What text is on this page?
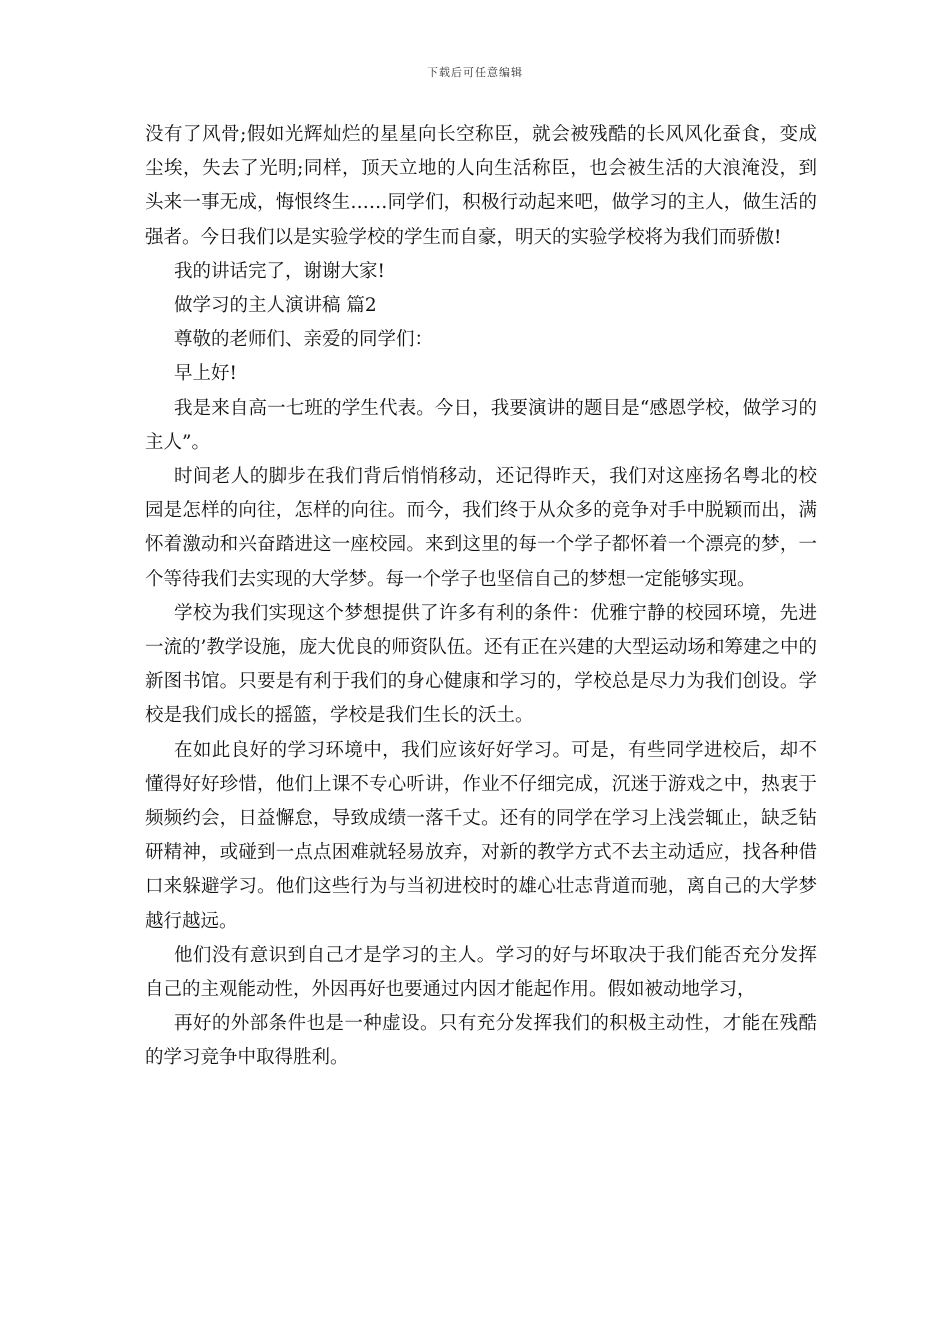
下载后可任意编辑

没有了风骨;假如光辉灿烂的星星向长空称臣，就会被残酷的长风风化蚕食，变成尘埃，失去了光明;同样，顶天立地的人向生活称臣，也会被生活的大浪淹没，到头来一事无成，悔恨终生……同学们，积极行动起来吧，做学习的主人，做生活的强者。今日我们以是实验学校的学生而自豪，明天的实验学校将为我们而骄傲!

我的讲话完了，谢谢大家!

做学习的主人演讲稿 篇2

尊敬的老师们、亲爱的同学们：

早上好!

我是来自高一七班的学生代表。今日，我要演讲的题目是“感恩学校，做学习的主人”。

时间老人的脚步在我们背后悄悄移动，还记得昨天，我们对这座扬名粤北的校园是怎样的向往，怎样的向往。而今，我们终于从众多的竞争对手中脱颖而出，满怀着激动和兴奋踏进这一座校园。来到这里的每一个学子都怀着一个漂亮的梦，一个等待我们去实现的大学梦。每一个学子也坚信自己的梦想一定能够实现。

学校为我们实现这个梦想提供了许多有利的条件：优雅宁静的校园环境，先进一流的’教学设施，庞大优良的师资队伍。还有正在兴建的大型运动场和筹建之中的新图书馆。只要是有利于我们的身心健康和学习的，学校总是尽力为我们创设。学校是我们成长的摇篮，学校是我们生长的沃土。

在如此良好的学习环境中，我们应该好好学习。可是，有些同学进校后，却不懂得好好珍惜，他们上课不专心听讲，作业不仔细完成，沉迷于游戏之中，热衷于频频约会，日益懈怠，导致成绩一落千丈。还有的同学在学习上浅尝辄止，缺乏钻研精神，或碰到一点点困难就轻易放弃，对新的教学方式不去主动适应，找各种借口来躲避学习。他们这些行为与当初进校时的雄心壮志背道而驰，离自己的大学梦越行越远。

他们没有意识到自己才是学习的主人。学习的好与坏取决于我们能否充分发挥自己的主观能动性，外因再好也要通过内因才能起作用。假如被动地学习，

再好的外部条件也是一种虚设。只有充分发挥我们的积极主动性，才能在残酷的学习竞争中取得胜利。
